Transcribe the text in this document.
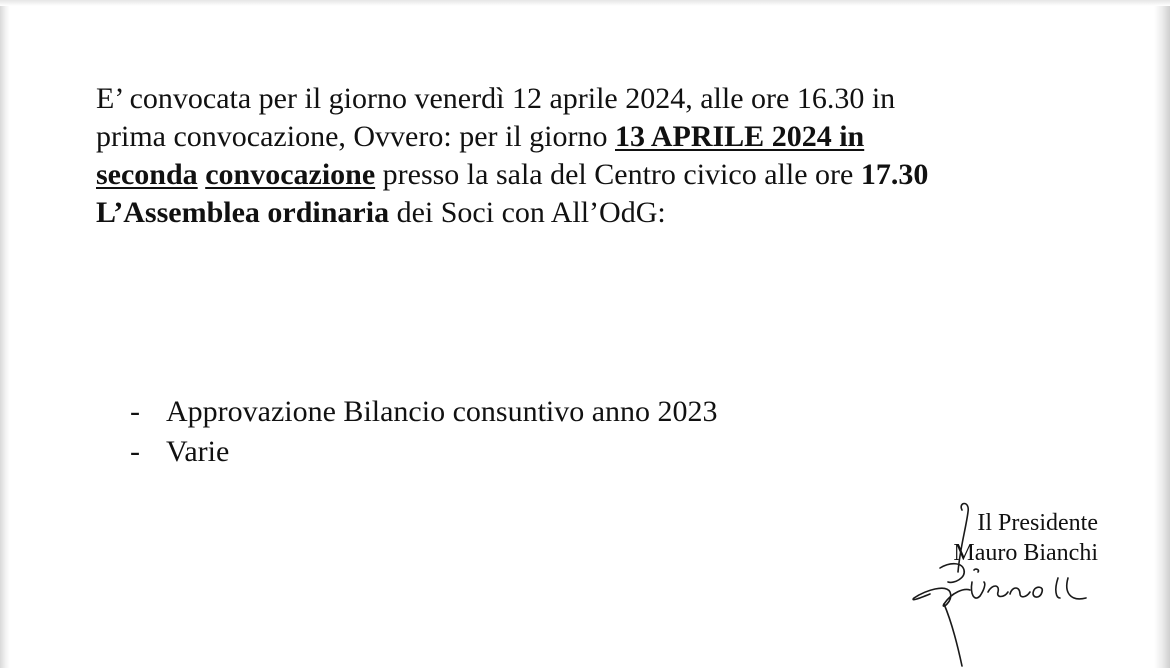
E’ convocata per il giorno venerdì 12 aprile 2024, alle ore 16.30 in
prima convocazione, Ovvero: per il giorno 13 APRILE 2024 in
seconda convocazione presso la sala del Centro civico alle ore 17.30
L’Assemblea ordinaria dei Soci con All’OdG:

- Approvazione Bilancio consuntivo anno 2023
- Varie
Il Presidente
Mauro Bianchi
